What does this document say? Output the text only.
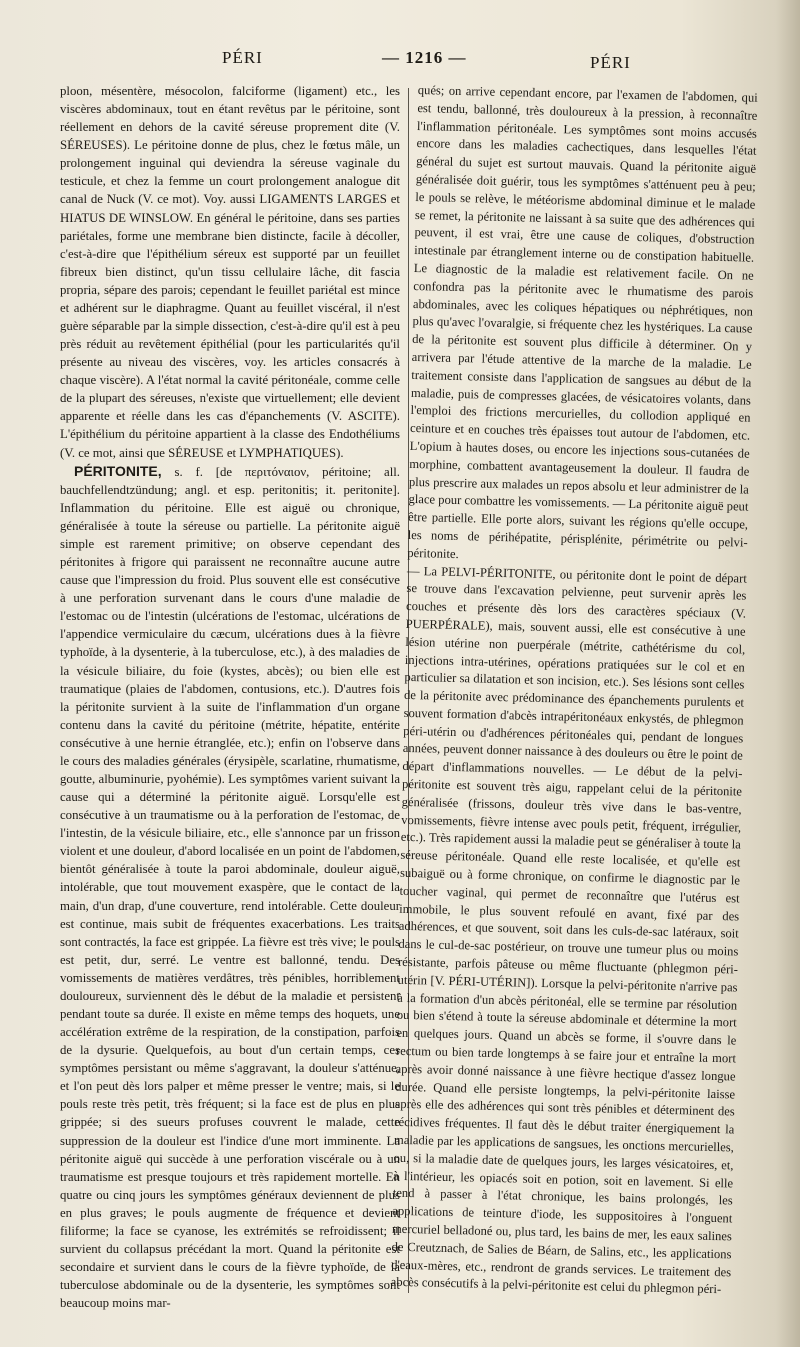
PÉRI	— 1216 —	PÉRI

ploon, mésentère, mésocolon, falciforme (ligament) etc., les viscères abdominaux, tout en étant revêtus par le péritoine, sont réellement en dehors de la cavité séreuse proprement dite (V. SÉREUSES). Le péritoine donne de plus, chez le fœtus mâle, un prolongement inguinal qui deviendra la séreuse vaginale du testicule, et chez la femme un court prolongement analogue dit canal de Nuck (V. ce mot). Voy. aussi LIGAMENTS LARGES et HIATUS DE WINSLOW. En général le péritoine, dans ses parties pariétales, forme une membrane bien distincte, facile à décoller, c'est-à-dire que l'épithélium séreux est supporté par un feuillet fibreux bien distinct, qu'un tissu cellulaire lâche, dit fascia propria, sépare des parois; cependant le feuillet pariétal est mince et adhérent sur le diaphragme. Quant au feuillet viscéral, il n'est guère séparable par la simple dissection, c'est-à-dire qu'il est à peu près réduit au revêtement épithélial (pour les particularités qu'il présente au niveau des viscères, voy. les articles consacrés à chaque viscère). A l'état normal la cavité péritonéale, comme celle de la plupart des séreuses, n'existe que virtuellement; elle devient apparente et réelle dans les cas d'épanchements (V. ASCITE). L'épithélium du péritoine appartient à la classe des Endothéliums (V. ce mot, ainsi que SÉREUSE et LYMPHATIQUES).

PÉRITONITE, s. f. [de περιτόναιον, péritoine; all. bauchfellendtzündung; angl. et esp. peritonitis; it. peritonite]. Inflammation du péritoine. Elle est aiguë ou chronique, généralisée à toute la séreuse ou partielle. La péritonite aiguë simple est rarement primitive; on observe cependant des péritonites à frigore qui paraissent ne reconnaître aucune autre cause que l'impression du froid. Plus souvent elle est consécutive à une perforation survenant dans le cours d'une maladie de l'estomac ou de l'intestin (ulcérations de l'estomac, ulcérations de l'appendice vermiculaire du cæcum, ulcérations dues à la fièvre typhoïde, à la dysenterie, à la tuberculose, etc.), à des maladies de la vésicule biliaire, du foie (kystes, abcès); ou bien elle est traumatique (plaies de l'abdomen, contusions, etc.). D'autres fois la péritonite survient à la suite de l'inflammation d'un organe contenu dans la cavité du péritoine (métrite, hépatite, entérite consécutive à une hernie étranglée, etc.); enfin on l'observe dans le cours des maladies générales (érysipèle, scarlatine, rhumatisme, goutte, albuminurie, pyohémie). Les symptômes varient suivant la cause qui a déterminé la péritonite aiguë. Lorsqu'elle est consécutive à un traumatisme ou à la perforation de l'estomac, de l'intestin, de la vésicule biliaire, etc., elle s'annonce par un frisson violent et une douleur, d'abord localisée en un point de l'abdomen, bientôt généralisée à toute la paroi abdominale, douleur aiguë, intolérable, que tout mouvement exaspère, que le contact de la main, d'un drap, d'une couverture, rend intolérable. Cette douleur est continue, mais subit de fréquentes exacerbations. Les traits sont contractés, la face est grippée. La fièvre est très vive; le pouls est petit, dur, serré. Le ventre est ballonné, tendu. Des vomissements de matières verdâtres, très pénibles, horriblement douloureux, surviennent dès le début de la maladie et persistent pendant toute sa durée. Il existe en même temps des hoquets, une accélération extrême de la respiration, de la constipation, parfois de la dysurie. Quelquefois, au bout d'un certain temps, ces symptômes persistant ou même s'aggravant, la douleur s'atténue, et l'on peut dès lors palper et même presser le ventre; mais, si le pouls reste très petit, très fréquent; si la face est de plus en plus grippée; si des sueurs profuses couvrent le malade, cette suppression de la douleur est l'indice d'une mort imminente. La péritonite aiguë qui succède à une perforation viscérale ou à un traumatisme est presque toujours et très rapidement mortelle. En quatre ou cinq jours les symptômes généraux deviennent de plus en plus graves; le pouls augmente de fréquence et devient filiforme; la face se cyanose, les extrémités se refroidissent; il survient du collapsus précédant la mort. Quand la péritonite est secondaire et survient dans le cours de la fièvre typhoïde, de la tuberculose abdominale ou de la dysenterie, les symptômes sont beaucoup moins mar-

qués; on arrive cependant encore, par l'examen de l'abdomen, qui est tendu, ballonné, très douloureux à la pression, à reconnaître l'inflammation péritonéale. Les symptômes sont moins accusés encore dans les maladies cachectiques, dans lesquelles l'état général du sujet est surtout mauvais. Quand la péritonite aiguë généralisée doit guérir, tous les symptômes s'atténuent peu à peu; le pouls se relève, le météorisme abdominal diminue et le malade se remet, la péritonite ne laissant à sa suite que des adhérences qui peuvent, il est vrai, être une cause de coliques, d'obstruction intestinale par étranglement interne ou de constipation habituelle. Le diagnostic de la maladie est relativement facile. On ne confondra pas la péritonite avec le rhumatisme des parois abdominales, avec les coliques hépatiques ou néphrétiques, non plus qu'avec l'ovaralgie, si fréquente chez les hystériques. La cause de la péritonite est souvent plus difficile à déterminer. On y arrivera par l'étude attentive de la marche de la maladie. Le traitement consiste dans l'application de sangsues au début de la maladie, puis de compresses glacées, de vésicatoires volants, dans l'emploi des frictions mercurielles, du collodion appliqué en ceinture et en couches très épaisses tout autour de l'abdomen, etc. L'opium à hautes doses, ou encore les injections sous-cutanées de morphine, combattent avantageusement la douleur. Il faudra de plus prescrire aux malades un repos absolu et leur administrer de la glace pour combattre les vomissements. — La péritonite aiguë peut être partielle. Elle porte alors, suivant les régions qu'elle occupe, les noms de périhépatite, périsplénite, périmétrite ou pelvi-péritonite.

— La PELVI-PÉRITONITE, ou péritonite dont le point de départ se trouve dans l'excavation pelvienne, peut survenir après les couches et présente dès lors des caractères spéciaux (V. PUERPÉRALE), mais, souvent aussi, elle est consécutive à une lésion utérine non puerpérale (métrite, cathétérisme du col, injections intra-utérines, opérations pratiquées sur le col et en particulier sa dilatation et son incision, etc.). Ses lésions sont celles de la péritonite avec prédominance des épanchements purulents et souvent formation d'abcès intrapéritonéaux enkystés, de phlegmon péri-utérin ou d'adhérences péritonéales qui, pendant de longues années, peuvent donner naissance à des douleurs ou être le point de départ d'inflammations nouvelles. — Le début de la pelvi-péritonite est souvent très aigu, rappelant celui de la péritonite généralisée (frissons, douleur très vive dans le bas-ventre, vomissements, fièvre intense avec pouls petit, fréquent, irrégulier, etc.). Très rapidement aussi la maladie peut se généraliser à toute la séreuse péritonéale. Quand elle reste localisée, et qu'elle est subaiguë ou à forme chronique, on confirme le diagnostic par le toucher vaginal, qui permet de reconnaître que l'utérus est immobile, le plus souvent refoulé en avant, fixé par des adhérences, et que souvent, soit dans les culs-de-sac latéraux, soit dans le cul-de-sac postérieur, on trouve une tumeur plus ou moins résistante, parfois pâteuse ou même fluctuante (phlegmon péri-utérin [V. PÉRI-UTÉRIN]). Lorsque la pelvi-péritonite n'arrive pas à la formation d'un abcès péritonéal, elle se termine par résolution ou bien s'étend à toute la séreuse abdominale et détermine la mort en quelques jours. Quand un abcès se forme, il s'ouvre dans le rectum ou bien tarde longtemps à se faire jour et entraîne la mort après avoir donné naissance à une fièvre hectique d'assez longue durée. Quand elle persiste longtemps, la pelvi-péritonite laisse après elle des adhérences qui sont très pénibles et déterminent des récidives fréquentes. Il faut dès le début traiter énergiquement la maladie par les applications de sangsues, les onctions mercurielles, ou, si la maladie date de quelques jours, les larges vésicatoires, et, à l'intérieur, les opiacés soit en potion, soit en lavement. Si elle tend à passer à l'état chronique, les bains prolongés, les applications de teinture d'iode, les suppositoires à l'onguent mercuriel belladoné ou, plus tard, les bains de mer, les eaux salines de Creutznach, de Salies de Béarn, de Salins, etc., les applications d'eaux-mères, etc., rendront de grands services. Le traitement des abcès consécutifs à la pelvi-péritonite est celui du phlegmon péri-
